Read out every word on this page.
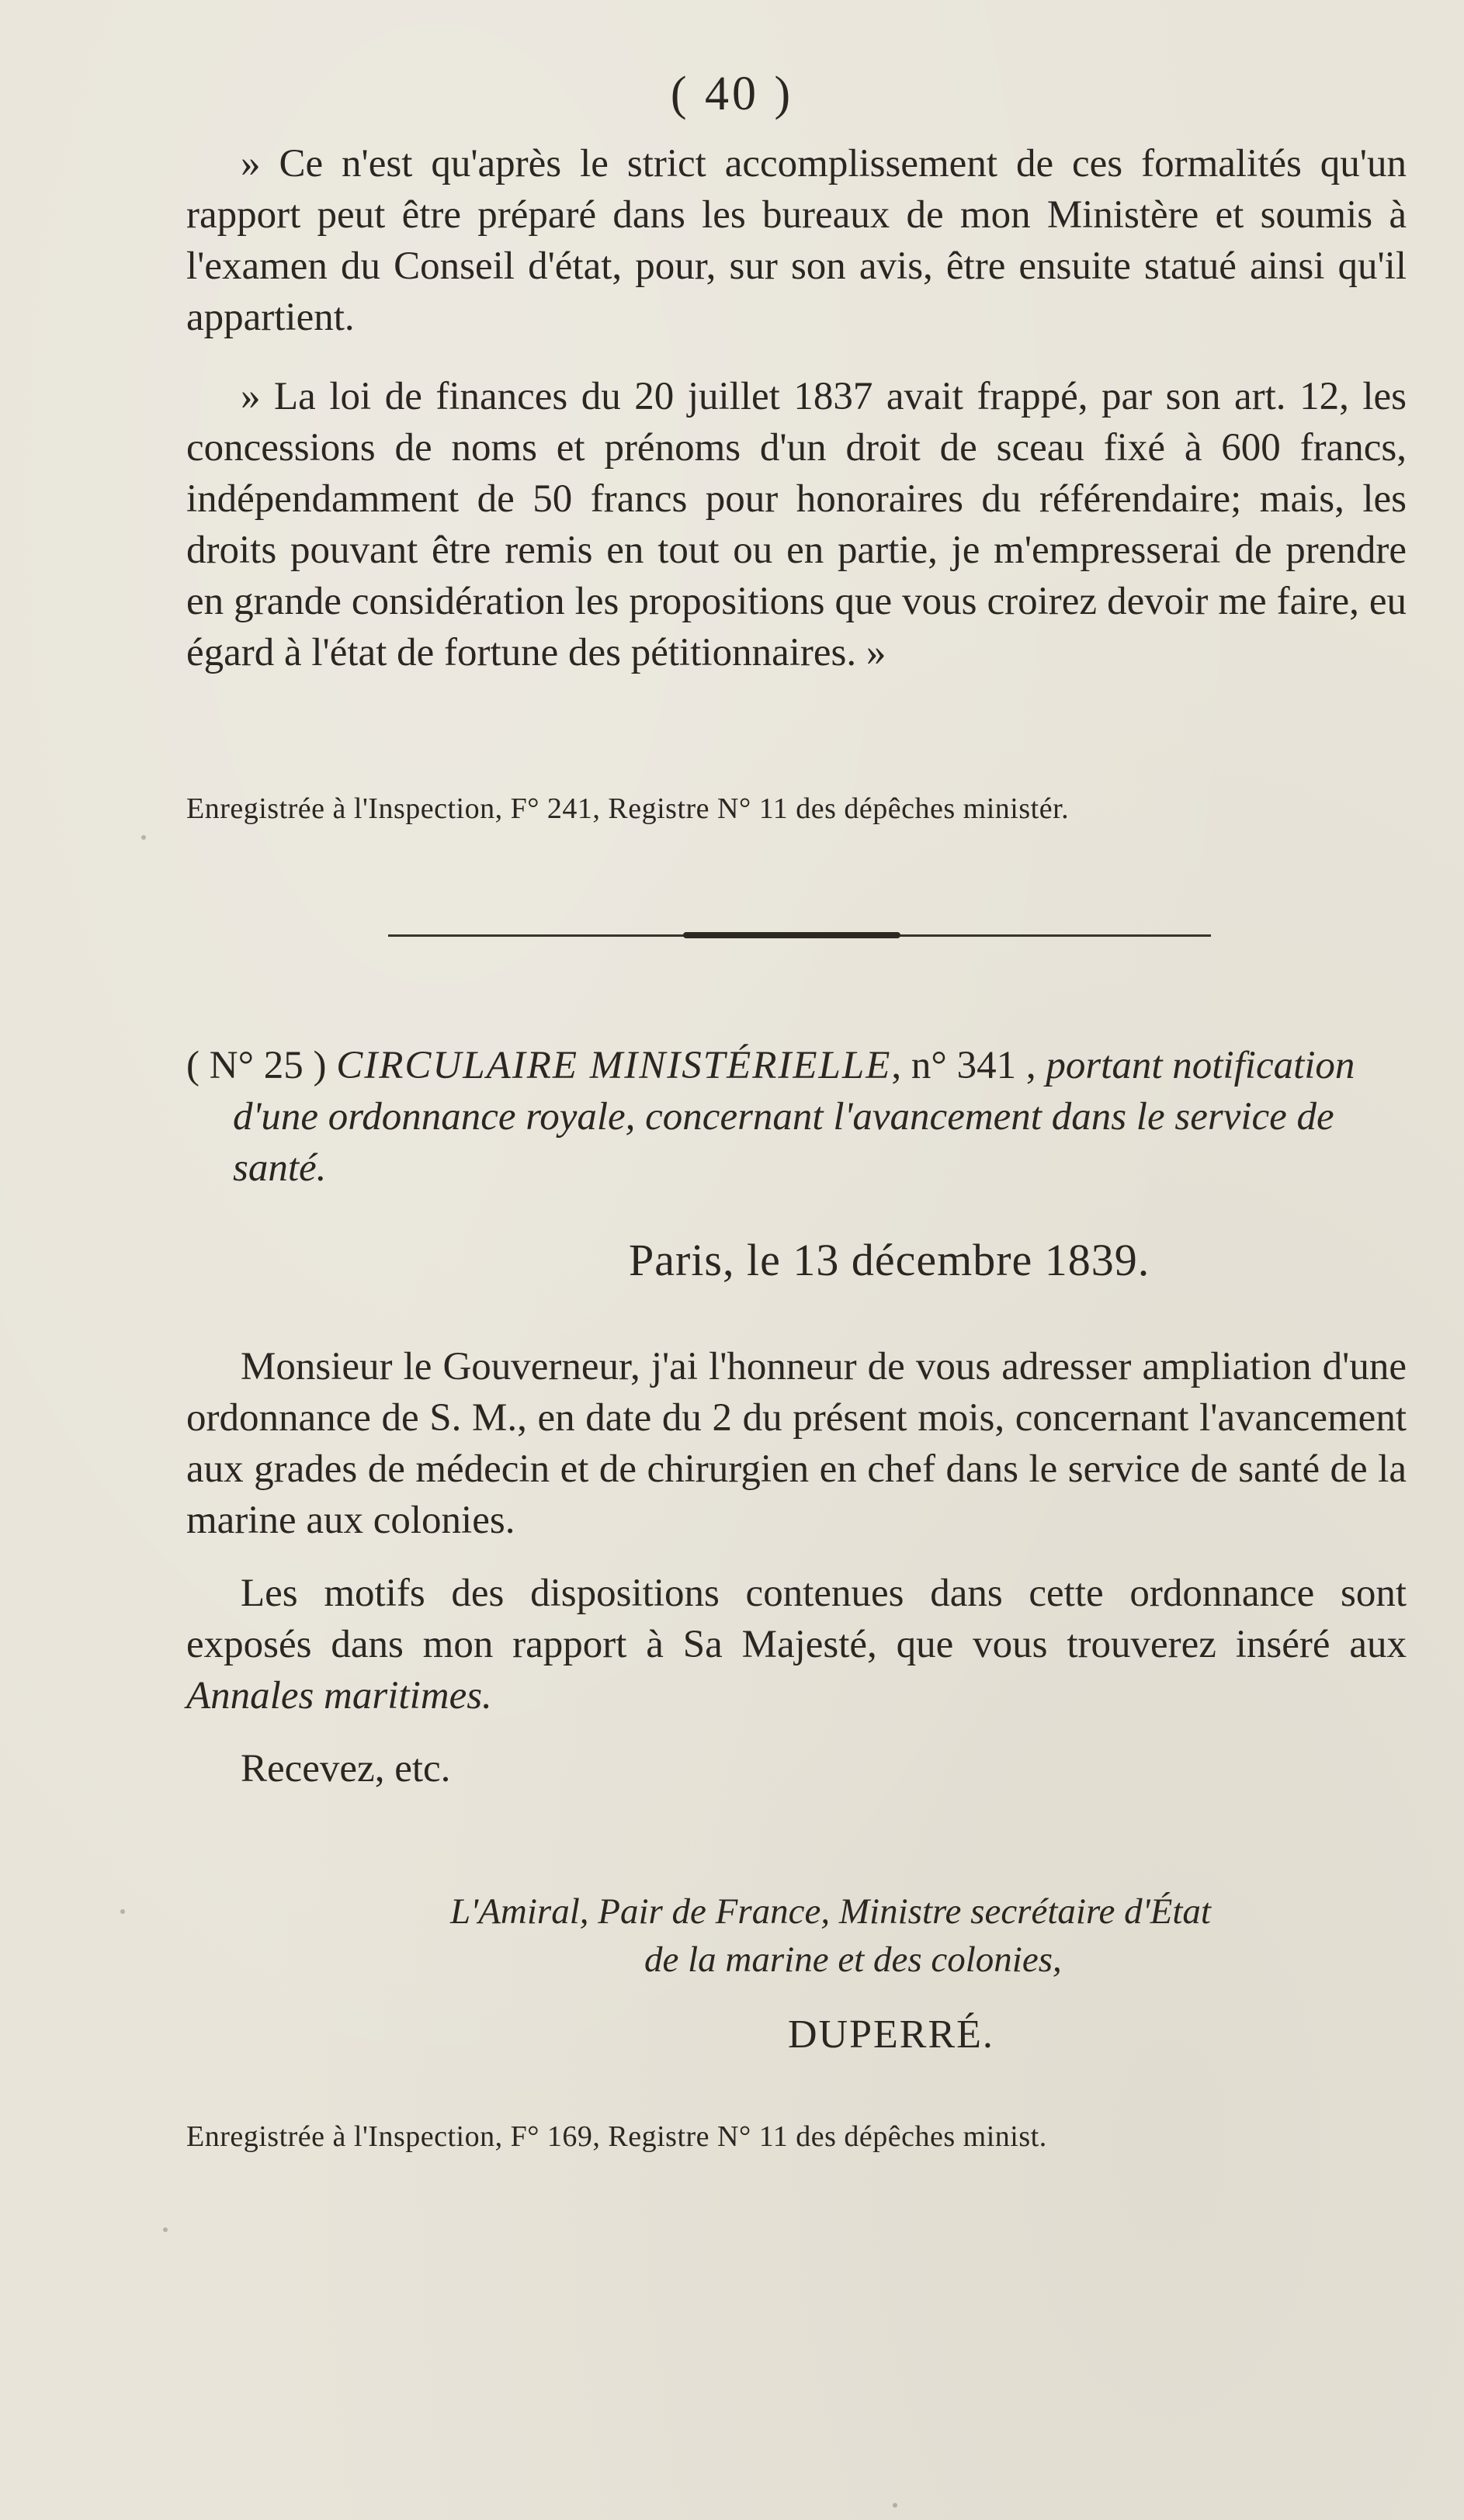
( 40 )

» Ce n'est qu'après le strict accomplissement de ces formalités qu'un rapport peut être préparé dans les bureaux de mon Ministère et soumis à l'examen du Conseil d'état, pour, sur son avis, être ensuite statué ainsi qu'il appartient.

» La loi de finances du 20 juillet 1837 avait frappé, par son art. 12, les concessions de noms et prénoms d'un droit de sceau fixé à 600 francs, indépendamment de 50 francs pour honoraires du référendaire; mais, les droits pouvant être remis en tout ou en partie, je m'empresserai de prendre en grande considération les propositions que vous croirez devoir me faire, eu égard à l'état de fortune des pétitionnaires. »

Enregistrée à l'Inspection, F° 241, Registre N° 11 des dépêches ministér.

( N° 25 ) CIRCULAIRE MINISTÉRIELLE, n° 341 , portant notification d'une ordonnance royale, concernant l'avancement dans le service de santé.

Paris, le 13 décembre 1839.

Monsieur le Gouverneur, j'ai l'honneur de vous adresser ampliation d'une ordonnance de S. M., en date du 2 du présent mois, concernant l'avancement aux grades de médecin et de chirurgien en chef dans le service de santé de la marine aux colonies.

Les motifs des dispositions contenues dans cette ordonnance sont exposés dans mon rapport à Sa Majesté, que vous trouverez inséré aux Annales maritimes.

Recevez, etc.

L'Amiral, Pair de France, Ministre secrétaire d'État

de la marine et des colonies,

DUPERRÉ.

Enregistrée à l'Inspection, F° 169, Registre N° 11 des dépêches minist.
